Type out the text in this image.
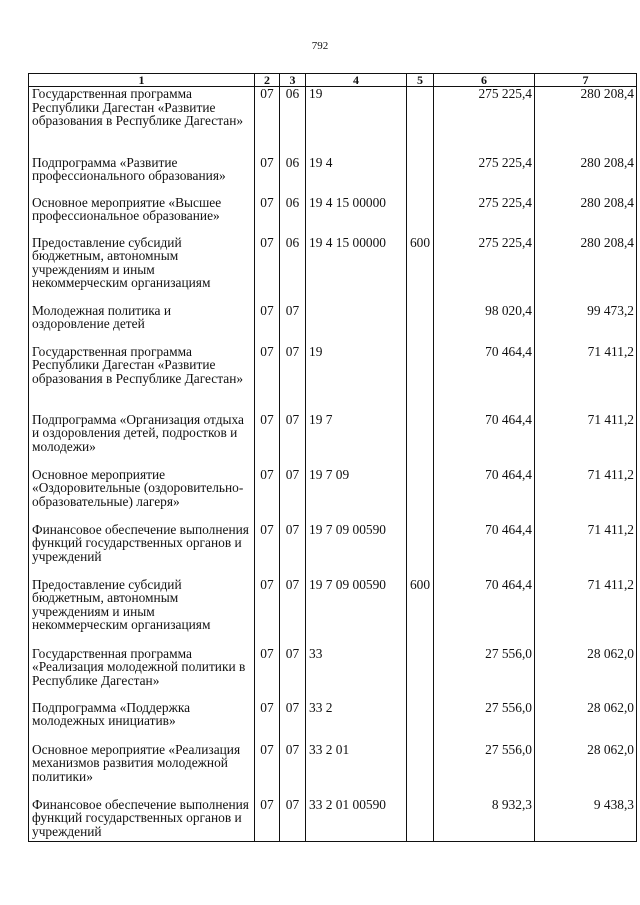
792
1	2	3	4	5	6	7
Государственная программа Республики Дагестан «Развитие образования в Республике Дагестан»	07	06	19		275 225,4	280 208,4
Подпрограмма «Развитие профессионального образования»	07	06	19 4		275 225,4	280 208,4
Основное мероприятие «Высшее профессиональное образование»	07	06	19 4 15 00000		275 225,4	280 208,4
Предоставление субсидий бюджетным, автономным учреждениям и иным некоммерческим организациям	07	06	19 4 15 00000	600	275 225,4	280 208,4
Молодежная политика и оздоровление детей	07	07			98 020,4	99 473,2
Государственная программа Республики Дагестан «Развитие образования в Республике Дагестан»	07	07	19		70 464,4	71 411,2
Подпрограмма «Организация отдыха и оздоровления детей, подростков и молодежи»	07	07	19 7		70 464,4	71 411,2
Основное мероприятие «Оздоровительные (оздоровительно-образовательные) лагеря»	07	07	19 7 09		70 464,4	71 411,2
Финансовое обеспечение выполнения функций государственных органов и учреждений	07	07	19 7 09 00590		70 464,4	71 411,2
Предоставление субсидий бюджетным, автономным учреждениям и иным некоммерческим организациям	07	07	19 7 09 00590	600	70 464,4	71 411,2
Государственная программа «Реализация молодежной политики в Республике Дагестан»	07	07	33		27 556,0	28 062,0
Подпрограмма «Поддержка молодежных инициатив»	07	07	33 2		27 556,0	28 062,0
Основное мероприятие «Реализация механизмов развития молодежной политики»	07	07	33 2 01		27 556,0	28 062,0
Финансовое обеспечение выполнения функций государственных органов и учреждений	07	07	33 2 01 00590		8 932,3	9 438,3
